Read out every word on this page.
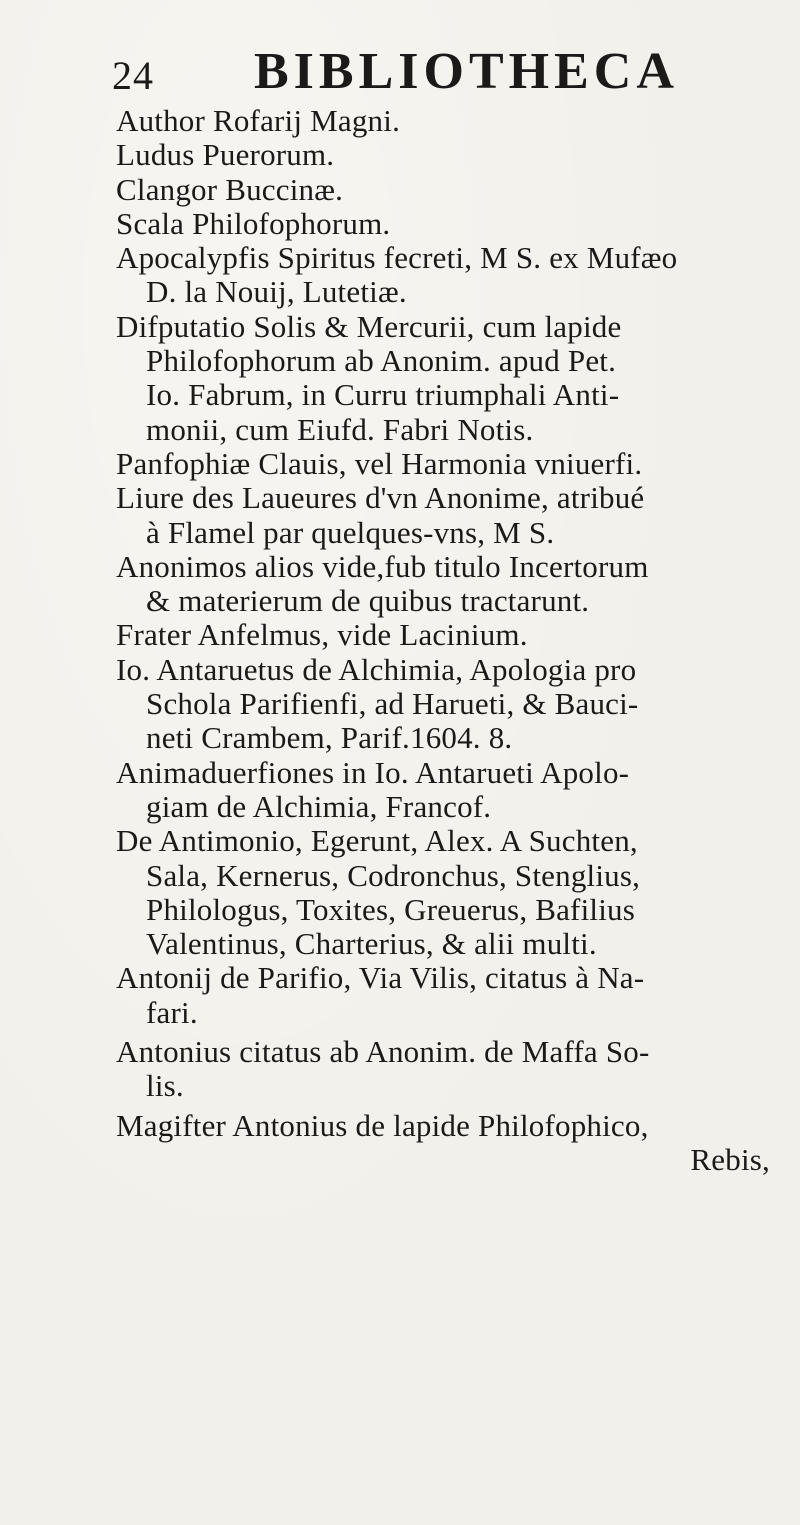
24 BIBLIOTHECA

Author Rofarij Magni.

Ludus Puerorum.

Clangor Buccinæ.

Scala Philofophorum.

Apocalypfis Spiritus fecreti, M S. ex Mufæo
D. la Nouij, Lutetiæ.

Difputatio Solis & Mercurii, cum lapide
Philofophorum ab Anonim. apud Pet.
Io. Fabrum, in Curru triumphali Anti-
monii, cum Eiufd. Fabri Notis.

Panfophiæ Clauis, vel Harmonia vniuerfi.

Liure des Laueures d'vn Anonime, atribué
à Flamel par quelques-vns, M S.

Anonimos alios vide,fub titulo Incertorum
& materierum de quibus tractarunt.

Frater Anfelmus, vide Lacinium.

Io. Antaruetus de Alchimia, Apologia pro
Schola Parifienfi, ad Harueti, & Bauci-
neti Crambem, Parif.1604. 8.

Animaduerfiones in Io. Antarueti Apolo-
giam de Alchimia, Francof.

De Antimonio, Egerunt, Alex. A Suchten,
Sala, Kernerus, Codronchus, Stenglius,
Philologus, Toxites, Greuerus, Bafilius
Valentinus, Charterius, & alii multi.

Antonij de Parifio, Via Vilis, citatus à Na-
fari.

Antonius citatus ab Anonim. de Maffa So-
lis.

Magifter Antonius de lapide Philofophico,

Rebis,
